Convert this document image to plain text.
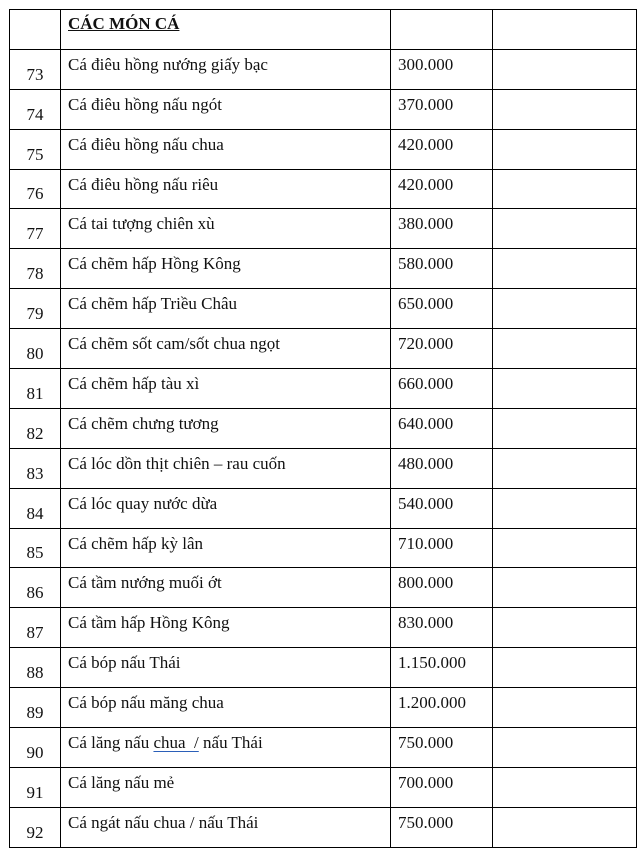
	CÁC MÓN CÁ		
73	Cá điêu hồng nướng giấy bạc	300.000	
74	Cá điêu hồng nấu ngót	370.000	
75	Cá điêu hồng nấu chua	420.000	
76	Cá điêu hồng nấu riêu	420.000	
77	Cá tai tượng chiên xù	380.000	
78	Cá chẽm hấp Hồng Kông	580.000	
79	Cá chẽm hấp Triều Châu	650.000	
80	Cá chẽm sốt cam/sốt chua ngọt	720.000	
81	Cá chẽm hấp tàu xì	660.000	
82	Cá chẽm chưng tương	640.000	
83	Cá lóc dồn thịt chiên – rau cuốn	480.000	
84	Cá lóc quay nước dừa	540.000	
85	Cá chẽm hấp kỳ lân	710.000	
86	Cá tầm nướng muối ớt	800.000	
87	Cá tầm hấp Hồng Kông	830.000	
88	Cá bóp nấu Thái	1.150.000	
89	Cá bóp nấu măng chua	1.200.000	
90	Cá lăng nấu chua  / nấu Thái	750.000	
91	Cá lăng nấu mẻ	700.000	
92	Cá ngát nấu chua / nấu Thái	750.000	
